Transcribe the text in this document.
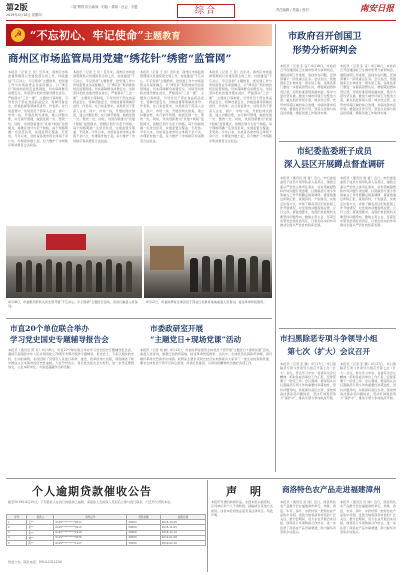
第2版
2019年4月18日 星期四
二版·网络·综合新闻 · 时政 · 要闻 · 社会 · 专题	综合	责任编辑 / 美编 / 校对	南安日报
☭ “不忘初心、牢记使命”主题教育
商州区市场监管局用党建“绣花针”绣密“监管网”
本报讯（记者 王 佳）近年来，商州区市场监督管理局以党建统领全局工作，持续推进“不忘初心、牢记使命”主题教育，把党建工作与市场监管业务深度融合，以“绣花针”般的细致织密监管网络，切实保障群众消费安全。该局坚持把政治建设摆在首位，严格落实“三会一课”、主题党日等制度，引导党员干部在食品药品安全、特种设备安全、价格监督等领域亮身份、作表率。在日常监管中，该局党员干部深入企业、商户、市场一线，开展拉网式排查，建立问题台账，实行销号管理，做到发现一处、整改一处。同时，该局创新推出“党建+网格”监管模式，将辖区划分为若干网格，每个网格明确一名党员负责，实现监管全覆盖、无死角。今年以来，共检查各类市场主体两千余户次，办理案件数十起，有力维护了市场秩序和消费者合法权益。
本报讯（记者 王 佳）近年来，商州区市场监督管理局以党建统领全局工作，持续推进“不忘初心、牢记使命”主题教育，把党建工作与市场监管业务深度融合，以“绣花针”般的细致织密监管网络，切实保障群众消费安全。该局坚持把政治建设摆在首位，严格落实“三会一课”、主题党日等制度，引导党员干部在食品药品安全、特种设备安全、价格监督等领域亮身份、作表率。在日常监管中，该局党员干部深入企业、商户、市场一线，开展拉网式排查，建立问题台账，实行销号管理，做到发现一处、整改一处。同时，该局创新推出“党建+网格”监管模式，将辖区划分为若干网格，每个网格明确一名党员负责，实现监管全覆盖、无死角。今年以来，共检查各类市场主体两千余户次，办理案件数十起，有力维护了市场秩序和消费者合法权益。
本报讯（记者 王 佳）近年来，商州区市场监督管理局以党建统领全局工作，持续推进“不忘初心、牢记使命”主题教育，把党建工作与市场监管业务深度融合，以“绣花针”般的细致织密监管网络，切实保障群众消费安全。该局坚持把政治建设摆在首位，严格落实“三会一课”、主题党日等制度，引导党员干部在食品药品安全、特种设备安全、价格监督等领域亮身份、作表率。在日常监管中，该局党员干部深入企业、商户、市场一线，开展拉网式排查，建立问题台账，实行销号管理，做到发现一处、整改一处。同时，该局创新推出“党建+网格”监管模式，将辖区划分为若干网格，每个网格明确一名党员负责，实现监管全覆盖、无死角。今年以来，共检查各类市场主体两千余户次，办理案件数十起，有力维护了市场秩序和消费者合法权益。
本报讯（记者 王 佳）近年来，商州区市场监督管理局以党建统领全局工作，持续推进“不忘初心、牢记使命”主题教育，把党建工作与市场监管业务深度融合，以“绣花针”般的细致织密监管网络，切实保障群众消费安全。该局坚持把政治建设摆在首位，严格落实“三会一课”、主题党日等制度，引导党员干部在食品药品安全、特种设备安全、价格监督等领域亮身份、作表率。在日常监管中，该局党员干部深入企业、商户、市场一线，开展拉网式排查，建立问题台账，实行销号管理，做到发现一处、整改一处。同时，该局创新推出“党建+网格”监管模式，将辖区划分为若干网格，每个网格明确一名党员负责，实现监管全覆盖、无死角。今年以来，共检查各类市场主体两千余户次，办理案件数十起，有力维护了市场秩序和消费者合法权益。
4月16日，市委组织部机关党支部开展“不忘初心、牢记使命”主题党日活动，党员们重温入党誓词。
4月12日，市委政研室全体党员干部在红色教育基地重温入党誓词，接受革命传统教育。
市直20个单位联合举办
学习党史国史专题辅导报告会
本报讯（通讯员 陈 亮）4月16日，市直20个单位联合举办学习党史国史专题辅导报告会，邀请专家围绕中华人民共和国成立70周年光辉历程作专题辅导。报告会上，专家以翔实的史料、生动的事例，系统回顾了党领导人民进行革命、建设、改革的伟大历程，深刻阐述了新中国成立以来取得的历史性成就。大家纷纷表示，将以此次报告会为契机，进一步坚定理想信念，立足本职岗位，为追赶超越作出新贡献。
市委政研室开展
“主题党日+现场党课”活动
本报讯（记者 刘 晓）4月12日，市委政研室组织全体党员干部开展“主题党日+现场党课”活动，重温入党誓词，参观红色教育基地，接受革命传统教育。活动中，全体党员认真聆听讲解，深切缅怀革命先烈的丰功伟绩。政研室主要负责同志结合实地参观为大家讲了一堂生动的现场党课，要求全体党员干部牢记初心使命，传承红色基因，以昂扬的精神状态做好各项工作。
市政府召开创国卫
形势分析研判会
本报讯（记者 张 莹）4月16日，市政府召开创建国家卫生城市形势分析研判会，通报前期工作进展，查找存在问题，安排部署下一阶段重点任务。会议指出，创建国家卫生城市是一项系统工程，各级各部门要进一步提高思想认识，增强紧迫感和责任感，对照标准逐项查漏补缺，集中力量攻坚克难。要加大城市环境卫生整治力度，重点抓好背街小巷、城乡结合部、农贸市场等区域的综合治理，持续改善市容市貌。要强化宣传引导，营造全民参与的良好氛围，确保创建工作取得实效。
本报讯（记者 张 莹）4月16日，市政府召开创建国家卫生城市形势分析研判会，通报前期工作进展，查找存在问题，安排部署下一阶段重点任务。会议指出，创建国家卫生城市是一项系统工程，各级各部门要进一步提高思想认识，增强紧迫感和责任感，对照标准逐项查漏补缺，集中力量攻坚克难。要加大城市环境卫生整治力度，重点抓好背街小巷、城乡结合部、农贸市场等区域的综合治理，持续改善市容市貌。要强化宣传引导，营造全民参与的良好氛围，确保创建工作取得实效。
市纪委监委班子成员
深入县区开展蹲点督查调研
本报讯（通讯员 周 蕾）近日，市纪委监委班子成员分别带队深入各县区，围绕全面从严治党主体责任落实、扶贫领域腐败和作风问题专项治理、扫黑除恶专项斗争等重点工作开展蹲点督查调研。督查组通过听取汇报、查阅资料、个别谈话、实地走访等方式，详细了解各县区纪检监察工作开展情况，对发现的问题现场反馈、立行立改。督查组要求，各级纪检监察机关要坚持问题导向，聚焦主责主业，压紧压实管党治党政治责任，以更加务实的作风推动全面从严治党向纵深发展。
本报讯（通讯员 周 蕾）近日，市纪委监委班子成员分别带队深入各县区，围绕全面从严治党主体责任落实、扶贫领域腐败和作风问题专项治理、扫黑除恶专项斗争等重点工作开展蹲点督查调研。督查组通过听取汇报、查阅资料、个别谈话、实地走访等方式，详细了解各县区纪检监察工作开展情况，对发现的问题现场反馈、立行立改。督查组要求，各级纪检监察机关要坚持问题导向，聚焦主责主业，压紧压实管党治党政治责任，以更加务实的作风推动全面从严治党向纵深发展。
市扫黑除恶专项斗争领导小组
第七次（扩大）会议召开
本报讯（记者 张 鹏）4月17日，市扫黑除恶专项斗争领导小组召开第七次（扩大）会议，传达学习中央、省委有关会议精神，听取各成员单位工作汇报，安排部署下一阶段工作。会议强调，要深刻认识扫黑除恶专项斗争的重要性和紧迫性，坚持问题导向，持续保持高压态势，深挖彻查涉黑涉恶问题线索，坚决打掉黑恶势力“保护伞”，推动专项斗争向纵深开展。
本报讯（记者 张 鹏）4月17日，市扫黑除恶专项斗争领导小组召开第七次（扩大）会议，传达学习中央、省委有关会议精神，听取各成员单位工作汇报，安排部署下一阶段工作。会议强调，要深刻认识扫黑除恶专项斗争的重要性和紧迫性，坚持问题导向，持续保持高压态势，深挖彻查涉黑涉恶问题线索，坚决打掉黑恶势力“保护伞”，推动专项斗争向纵深开展。
商洛特色农产品走进福建漳州
本报讯（通讯员 吴 刚）近日，商洛特色农产品推介会在福建漳州举行，核桃、香菇、木耳、茶叶、中药材等一批特色农产品集中亮相，受到当地客商和市民的广泛关注。推介会期间，双方企业开展洽谈对接，现场签订多项购销合作协议，进一步拓宽了商洛农产品外销渠道，助力脱贫攻坚和乡村振兴。
本报讯（通讯员 吴 刚）近日，商洛特色农产品推介会在福建漳州举行，核桃、香菇、木耳、茶叶、中药材等一批特色农产品集中亮相，受到当地客商和市民的广泛关注。推介会期间，双方企业开展洽谈对接，现场签订多项购销合作协议，进一步拓宽了商洛农产品外销渠道，助力脱贫攻坚和乡村振兴。
个人逾期贷款催收公告
截至2019年4月15日，下列借款人在我行的借款已逾期，请借款人及担保人见报后立即与我行联系，归还所欠贷款本息。
序号	借款人	身份证号	贷款余额	逾期日期
1	王**	6125**********0012	30000	2018-10-20
2	李**	6125**********3415	50000	2018-11-05
3	张**	6125**********2218	20000	2018-12-12
4	刘**	6125**********0536	40000	2019-01-08
5	陈**	6125**********1127	35000	2019-02-16
特此公告。联系电话：0914-2311234
声　明
本报所刊登的新闻作品，未经本报书面授权，任何单位和个人不得转载、摘编或以其他方式使用。违者本报将依法追究其法律责任。特此声明。
